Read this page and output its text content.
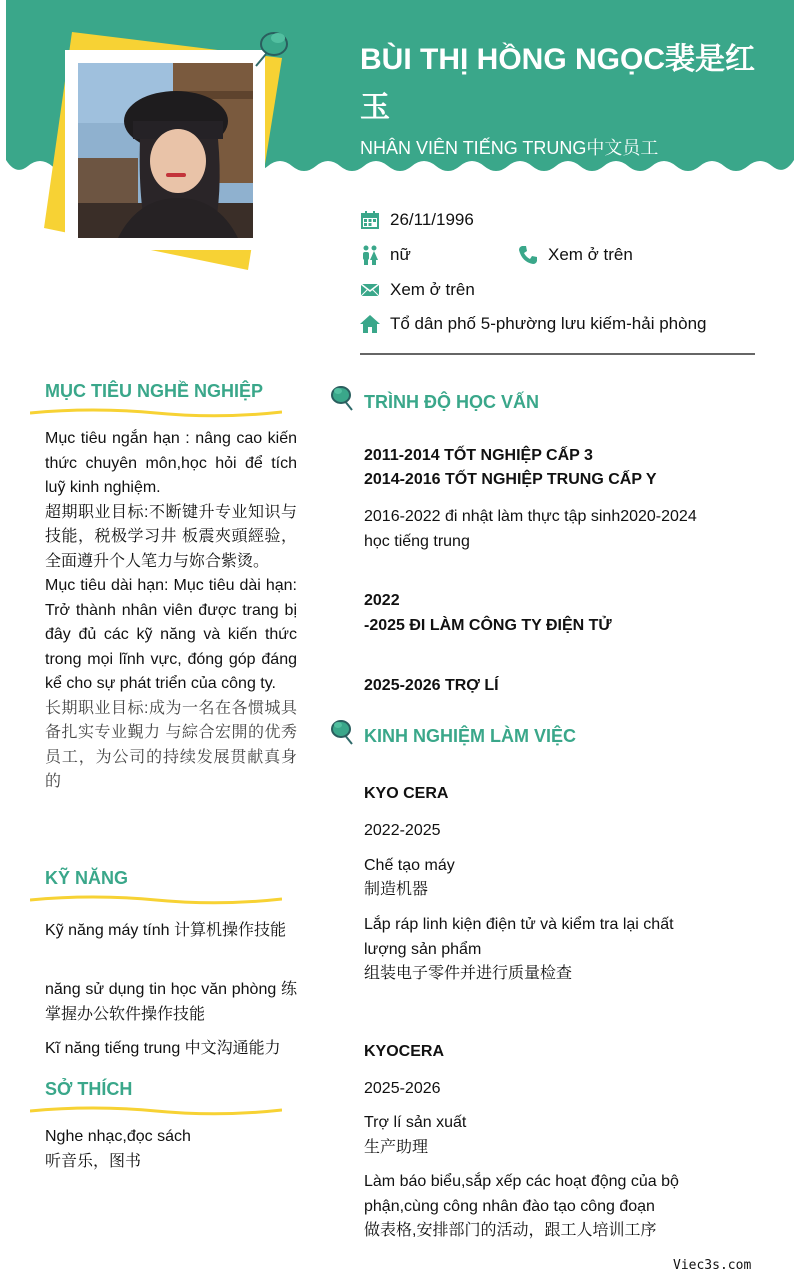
BÙI THỊ HỒNG NGỌC裴是红玉
NHÂN VIÊN TIẾNG TRUNG中文员工
26/11/1996
nữ	Xem ở trên
Xem ở trên
Tổ dân phố 5-phường lưu kiếm-hải phòng
MỤC TIÊU NGHỀ NGHIỆP
Mục tiêu ngắn hạn : nâng cao kiến thức chuyên môn,học hỏi để tích luỹ kinh nghiệm.
超期职业目标:不断键升专业知识与技能，税极学习井 板震夾頭經验，全面遵升个人笔力与妳合紫烫。
Mục tiêu dài hạn: Mục tiêu dài hạn: Trở thành nhân viên được trang bị đây đủ các kỹ năng và kiến thức trong mọi lĩnh vực, đóng góp đáng kể cho sự phát triển của công ty.
长期职业目标:成为一名在各惯城具备扎实专业覲力 与綜合宏開的优秀员工，为公司的持续发展贯献真身的
KỸ NĂNG
Kỹ năng máy tính 计算机操作技能
năng sử dụng tin học văn phòng 练掌握办公软件操作技能
Kĩ năng tiếng trung 中文沟通能力
SỞ THÍCH
Nghe nhạc,đọc sách
听音乐，图书
TRÌNH ĐỘ HỌC VẤN
2011-2014 TỐT NGHIỆP CẤP 3
2014-2016 TỐT NGHIỆP TRUNG CẤP Y
2016-2022 đi nhật làm thực tập sinh2020-2024 học tiếng trung
2022
-2025 ĐI LÀM CÔNG TY ĐIỆN TỬ
2025-2026 TRỢ LÍ
KINH NGHIỆM LÀM VIỆC
KYO CERA
2022-2025
Chế tạo máy
制造机器
Lắp ráp linh kiện điện tử và kiểm tra lại chất lượng sản phẩm
组装电子零件并进行质量检查
KYOCERA
2025-2026
Trợ lí sản xuất
生产助理
Làm báo biểu,sắp xếp các hoạt động của bộ phận,cùng công nhân đào tạo công đoạn
做表格,安排部门的活动，跟工人培训工序
Viec3s.com
